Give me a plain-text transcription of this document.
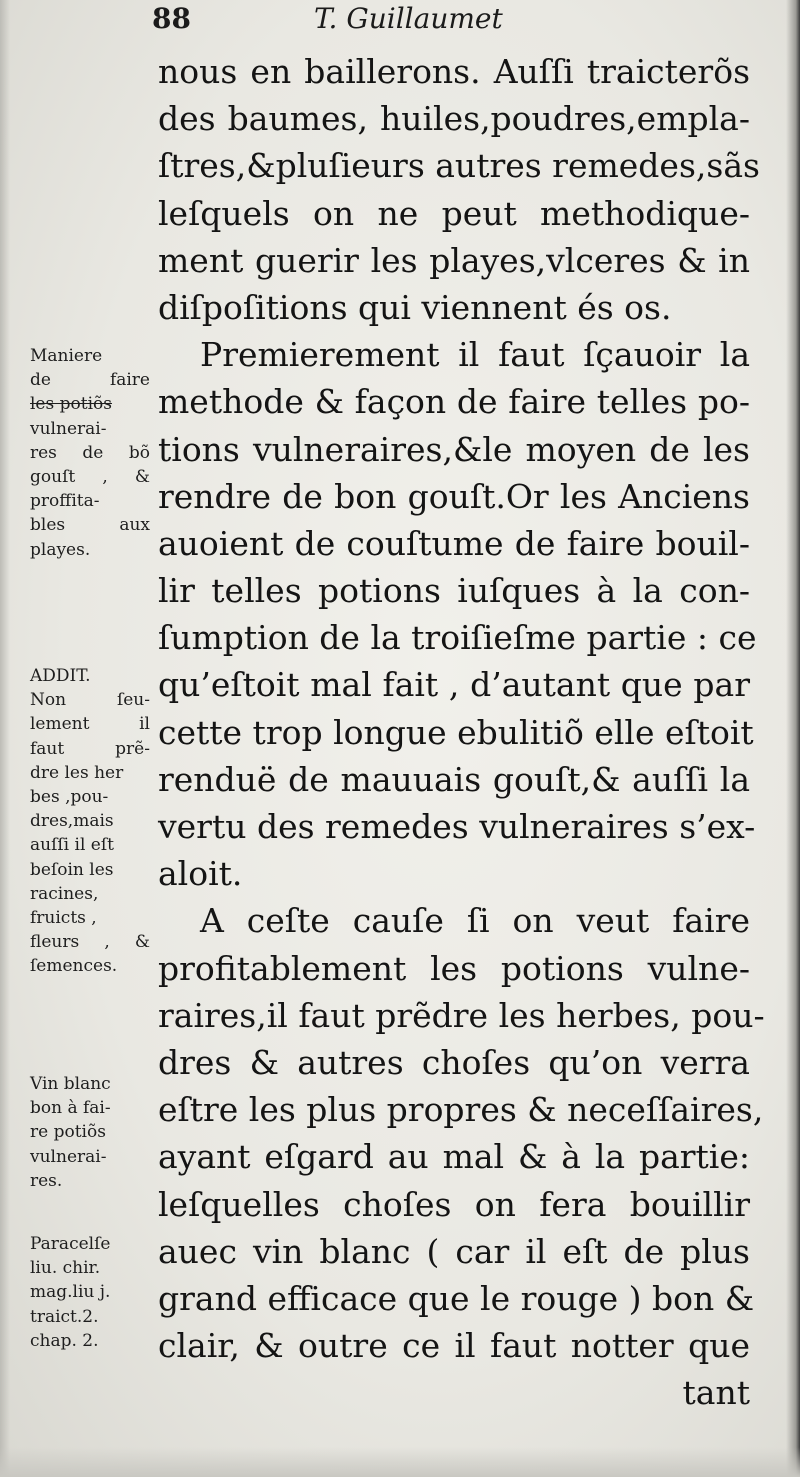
88	T. Guillaumet
nous en baillerons. Auſſi traicterõs
des baumes, huiles,poudres,empla-
ſtres,&pluſieurs autres remedes,sãs
leſquels on ne peut methodique-
ment guerir les playes,vlceres & in
diſpoſitions qui viennent és os.
Premierement il faut ſçauoir la
methode & façon de faire telles po-
tions vulneraires,&le moyen de les
rendre de bon gouſt.Or les Anciens
auoient de couſtume de faire bouil-
lir telles potions iuſques à la con-
ſumption de la troiſieſme partie : ce
qu’eſtoit mal fait , d’autant que par
cette trop longue ebulitiõ elle eſtoit
renduë de mauuais gouſt,& auſſi la
vertu des remedes vulneraires s’ex-
aloit.
A ceſte cauſe ſi on veut faire
profitablement les potions vulne-
raires,il faut prẽdre les herbes, pou-
dres & autres choſes qu’on verra
eſtre les plus propres & neceſſaires,
ayant eſgard au mal & à la partie:
leſquelles choſes on fera bouillir
auec vin blanc ( car il eſt de plus
grand efficace que le rouge ) bon &
clair, & outre ce il faut notter que
tant
Maniere
de faire
les potiõs
vulnerai-
res de bõ
gouſt , &
proffita-
bles aux
playes.
ADDIT.
Non ſeu-
lement il
faut prẽ-
dre les her
bes ,pou-
dres,mais
auſſi il eſt
beſoin les
racines,
fruicts ,
fleurs , &
ſemences.
Vin blanc
bon à fai-
re potiõs
vulnerai-
res.
Paracelſe
liu. chir.
mag.liu j.
traict.2.
chap. 2.
